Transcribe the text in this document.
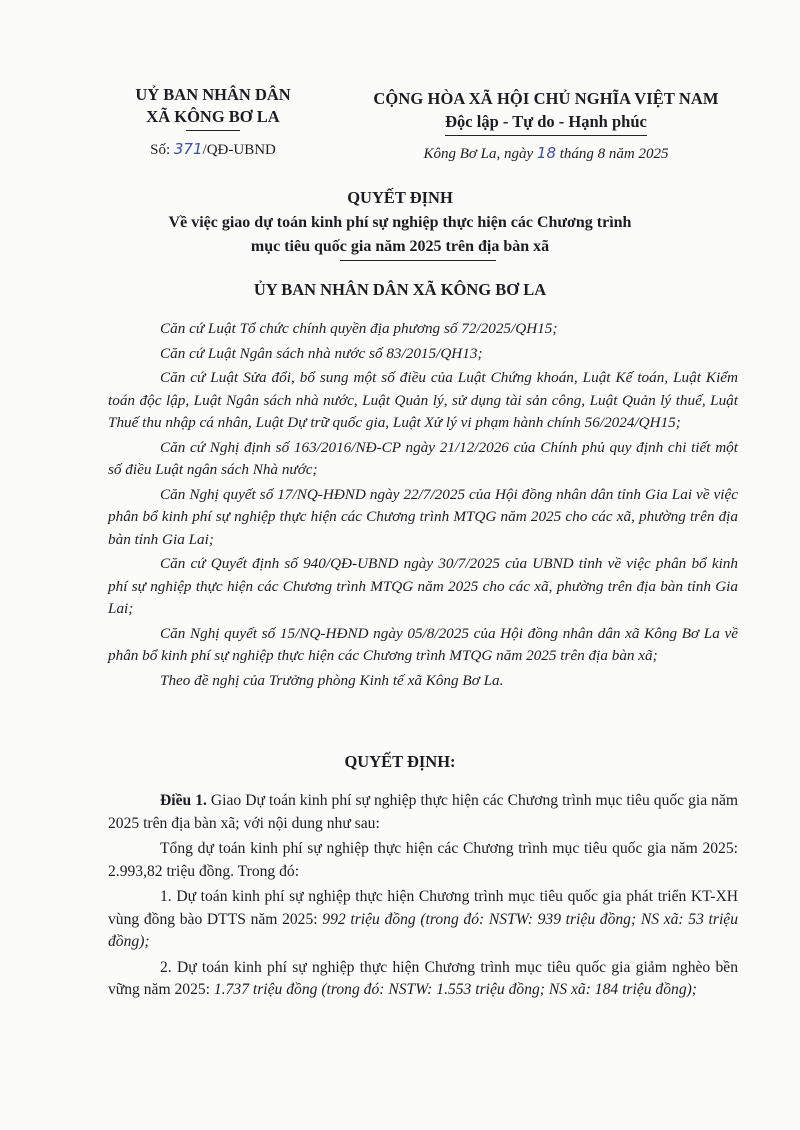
UỶ BAN NHÂN DÂN
XÃ KÔNG BƠ LA
Số: 371/QĐ-UBND
CỘNG HÒA XÃ HỘI CHỦ NGHĨA VIỆT NAM
Độc lập - Tự do - Hạnh phúc
Kông Bơ La, ngày 18 tháng 8 năm 2025
QUYẾT ĐỊNH
Về việc giao dự toán kinh phí sự nghiệp thực hiện các Chương trình
mục tiêu quốc gia năm 2025 trên địa bàn xã
ỦY BAN NHÂN DÂN XÃ KÔNG BƠ LA

Căn cứ Luật Tổ chức chính quyền địa phương số 72/2025/QH15;

Căn cứ Luật Ngân sách nhà nước số 83/2015/QH13;

Căn cứ Luật Sửa đổi, bổ sung một số điều của Luật Chứng khoán, Luật Kế toán, Luật Kiểm toán độc lập, Luật Ngân sách nhà nước, Luật Quản lý, sử dụng tài sản công, Luật Quản lý thuế, Luật Thuế thu nhập cá nhân, Luật Dự trữ quốc gia, Luật Xử lý vi phạm hành chính 56/2024/QH15;

Căn cứ Nghị định số 163/2016/NĐ-CP ngày 21/12/2026 của Chính phủ quy định chi tiết một số điều Luật ngân sách Nhà nước;

Căn Nghị quyết số 17/NQ-HĐND ngày 22/7/2025 của Hội đồng nhân dân tỉnh Gia Lai về việc phân bổ kinh phí sự nghiệp thực hiện các Chương trình MTQG năm 2025 cho các xã, phường trên địa bàn tỉnh Gia Lai;

Căn cứ Quyết định số 940/QĐ-UBND ngày 30/7/2025 của UBND tỉnh về việc phân bổ kinh phí sự nghiệp thực hiện các Chương trình MTQG năm 2025 cho các xã, phường trên địa bàn tỉnh Gia Lai;

Căn Nghị quyết số 15/NQ-HĐND ngày 05/8/2025 của Hội đồng nhân dân xã Kông Bơ La về phân bổ kinh phí sự nghiệp thực hiện các Chương trình MTQG năm 2025 trên địa bàn xã;

Theo đề nghị của Trưởng phòng Kinh tế xã Kông Bơ La.

QUYẾT ĐỊNH:

Điều 1. Giao Dự toán kinh phí sự nghiệp thực hiện các Chương trình mục tiêu quốc gia năm 2025 trên địa bàn xã; với nội dung như sau:

Tổng dự toán kinh phí sự nghiệp thực hiện các Chương trình mục tiêu quốc gia năm 2025: 2.993,82 triệu đồng. Trong đó:

1. Dự toán kinh phí sự nghiệp thực hiện Chương trình mục tiêu quốc gia phát triển KT-XH vùng đồng bào DTTS năm 2025: 992 triệu đồng (trong đó: NSTW: 939 triệu đồng; NS xã: 53 triệu đồng);

2. Dự toán kinh phí sự nghiệp thực hiện Chương trình mục tiêu quốc gia giảm nghèo bền vững năm 2025: 1.737 triệu đồng (trong đó: NSTW: 1.553 triệu đồng; NS xã: 184 triệu đồng);
